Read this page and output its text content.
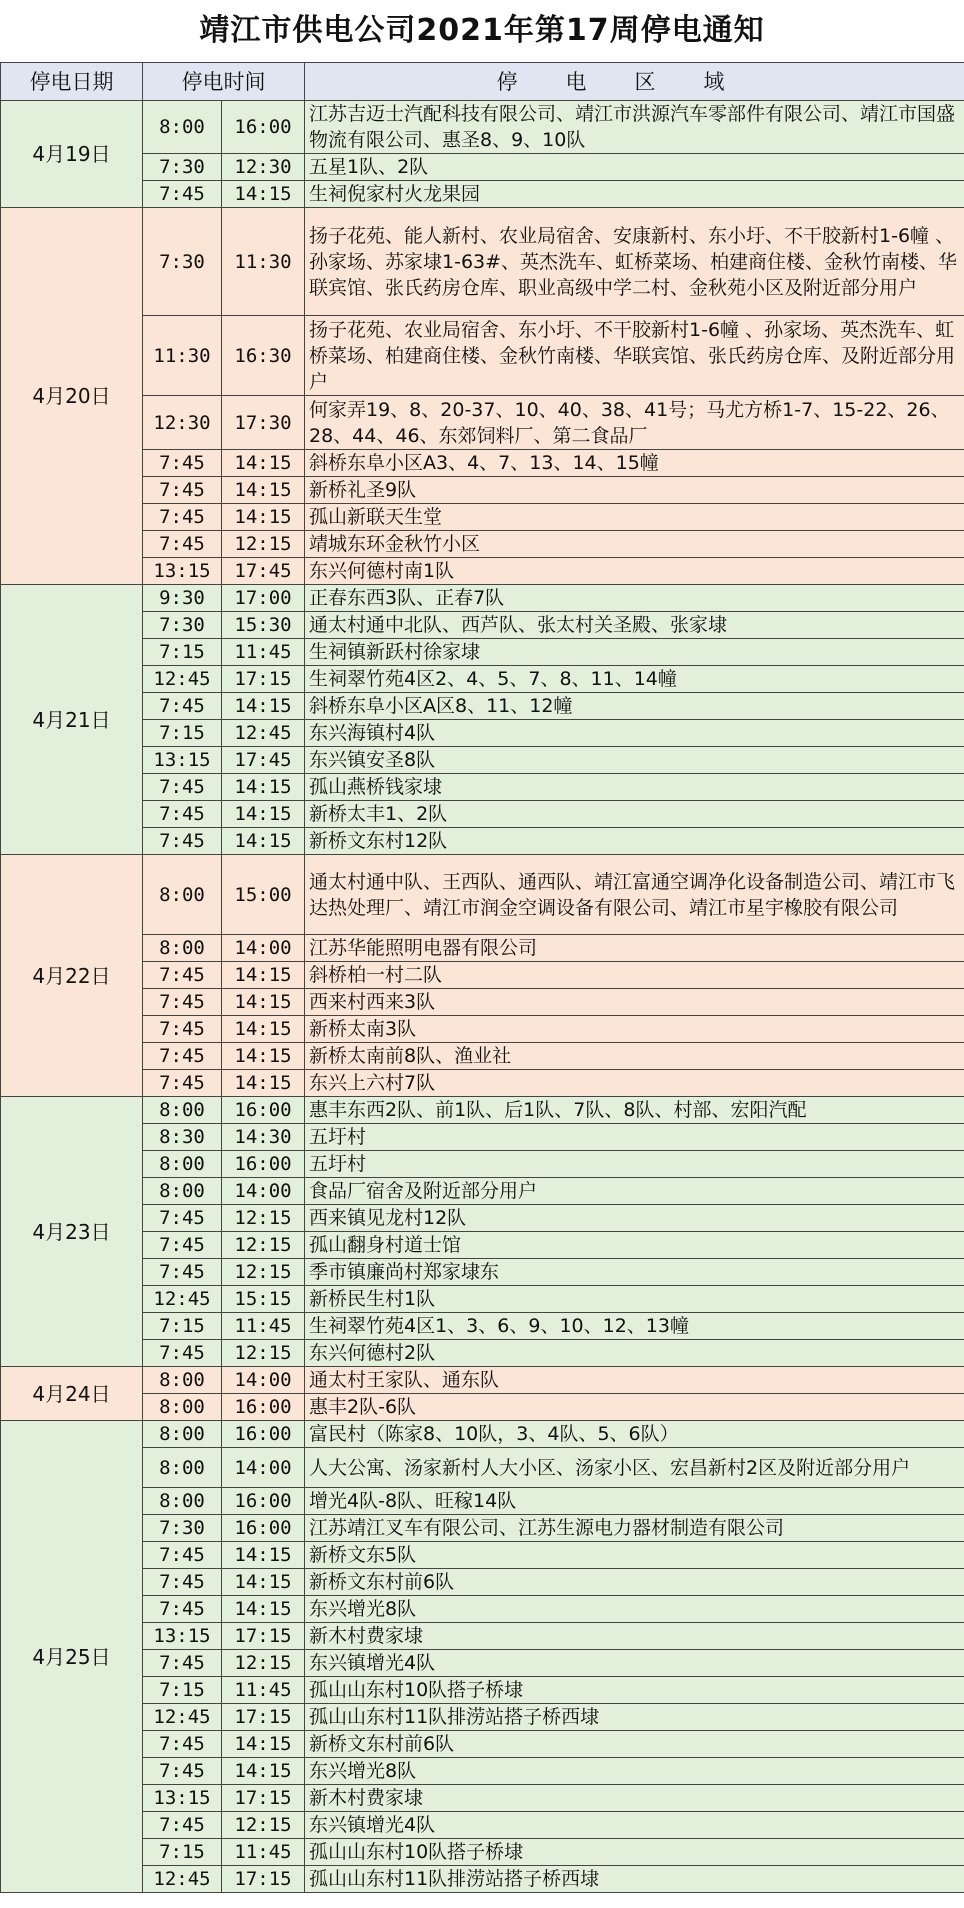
靖江市供电公司2021年第17周停电通知
停电日期	停电时间		停电区域
4月19日	8:00	16:00	江苏吉迈士汽配科技有限公司、靖江市洪源汽车零部件有限公司、靖江市国盛物流有限公司、惠圣8、9、10队
	7:30	12:30	五星1队、2队
	7:45	14:15	生祠倪家村火龙果园
4月20日	7:30	11:30	扬子花苑、能人新村、农业局宿舍、安康新村、东小圩、不干胶新村1-6幢 、孙家场、苏家埭1-63#、英杰洗车、虹桥菜场、柏建商住楼、金秋竹南楼、华联宾馆、张氏药房仓库、职业高级中学二村、金秋苑小区及附近部分用户
	11:30	16:30	扬子花苑、农业局宿舍、东小圩、不干胶新村1-6幢 、孙家场、英杰洗车、虹桥菜场、柏建商住楼、金秋竹南楼、华联宾馆、张氏药房仓库、及附近部分用户
	12:30	17:30	何家弄19、8、20-37、10、40、38、41号；马尤方桥1-7、15-22、26、28、44、46、东郊饲料厂、第二食品厂
	7:45	14:15	斜桥东阜小区A3、4、7、13、14、15幢
	7:45	14:15	新桥礼圣9队
	7:45	14:15	孤山新联天生堂
	7:45	12:15	靖城东环金秋竹小区
	13:15	17:45	东兴何德村南1队
4月21日	9:30	17:00	正春东西3队、正春7队
	7:30	15:30	通太村通中北队、西芦队、张太村关圣殿、张家埭
	7:15	11:45	生祠镇新跃村徐家埭
	12:45	17:15	生祠翠竹苑4区2、4、5、7、8、11、14幢
	7:45	14:15	斜桥东阜小区A区8、11、12幢
	7:15	12:45	东兴海镇村4队
	13:15	17:45	东兴镇安圣8队
	7:45	14:15	孤山燕桥钱家埭
	7:45	14:15	新桥太丰1、2队
	7:45	14:15	新桥文东村12队
4月22日	8:00	15:00	通太村通中队、王西队、通西队、靖江富通空调净化设备制造公司、靖江市飞达热处理厂、靖江市润金空调设备有限公司、靖江市星宇橡胶有限公司
	8:00	14:00	江苏华能照明电器有限公司
	7:45	14:15	斜桥柏一村二队
	7:45	14:15	西来村西来3队
	7:45	14:15	新桥太南3队
	7:45	14:15	新桥太南前8队、渔业社
	7:45	14:15	东兴上六村7队
4月23日	8:00	16:00	惠丰东西2队、前1队、后1队、7队、8队、村部、宏阳汽配
	8:30	14:30	五圩村
	8:00	16:00	五圩村
	8:00	14:00	食品厂宿舍及附近部分用户
	7:45	12:15	西来镇见龙村12队
	7:45	12:15	孤山翻身村道士馆
	7:45	12:15	季市镇廉尚村郑家埭东
	12:45	15:15	新桥民生村1队
	7:15	11:45	生祠翠竹苑4区1、3、6、9、10、12、13幢
	7:45	12:15	东兴何德村2队
4月24日	8:00	14:00	通太村王家队、通东队
	8:00	16:00	惠丰2队-6队
4月25日	8:00	16:00	富民村（陈家8、10队，3、4队、5、6队）
	8:00	14:00	人大公寓、汤家新村人大小区、汤家小区、宏昌新村2区及附近部分用户
	8:00	16:00	增光4队-8队、旺稼14队
	7:30	16:00	江苏靖江叉车有限公司、江苏生源电力器材制造有限公司
	7:45	14:15	新桥文东5队
	7:45	14:15	新桥文东村前6队
	7:45	14:15	东兴增光8队
	13:15	17:15	新木村费家埭
	7:45	12:15	东兴镇增光4队
	7:15	11:45	孤山山东村10队搭子桥埭
	12:45	17:15	孤山山东村11队排涝站搭子桥西埭
	7:45	14:15	新桥文东村前6队
	7:45	14:15	东兴增光8队
	13:15	17:15	新木村费家埭
	7:45	12:15	东兴镇增光4队
	7:15	11:45	孤山山东村10队搭子桥埭
	12:45	17:15	孤山山东村11队排涝站搭子桥西埭
